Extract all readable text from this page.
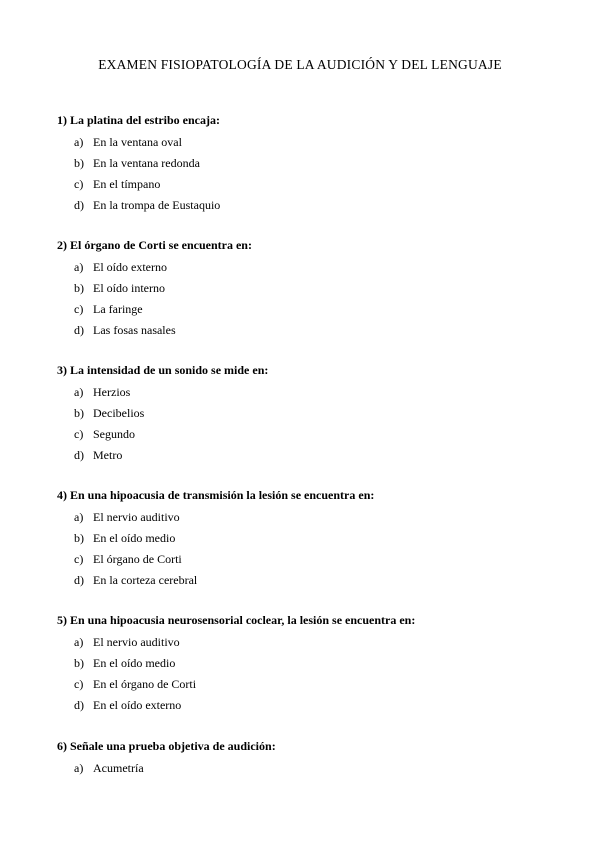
EXAMEN FISIOPATOLOGÍA DE LA AUDICIÓN Y DEL LENGUAJE
1) La platina del estribo encaja:
a) En la ventana oval
b) En la ventana redonda
c) En el tímpano
d) En la trompa de Eustaquio
2) El órgano de Corti se encuentra en:
a) El oído externo
b) El oído interno
c) La faringe
d) Las fosas nasales
3) La intensidad de un sonido se mide en:
a) Herzios
b) Decibelios
c) Segundo
d) Metro
4) En una hipoacusia de transmisión la lesión se encuentra en:
a) El nervio auditivo
b) En el oído medio
c) El órgano de Corti
d) En la corteza cerebral
5) En una hipoacusia neurosensorial coclear, la lesión se encuentra en:
a) El nervio auditivo
b) En el oído medio
c) En el órgano de Corti
d) En el oído externo
6) Señale una prueba objetiva de audición:
a) Acumetría
